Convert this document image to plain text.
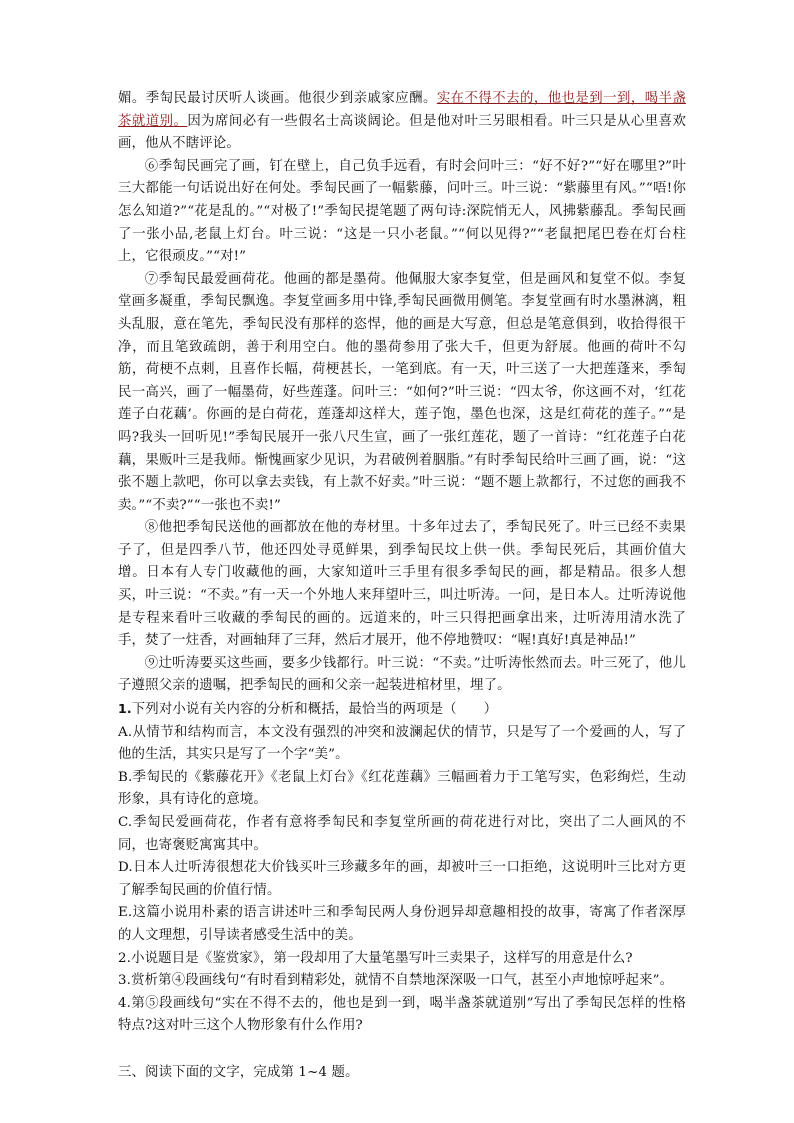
媚。季匋民最讨厌听人谈画。他很少到亲戚家应酬。实在不得不去的，他也是到一到，喝半盏茶就道别。因为席间必有一些假名士高谈阔论。但是他对叶三另眼相看。叶三只是从心里喜欢画，他从不瞎评论。

⑥季匋民画完了画，钉在壁上，自己负手远看，有时会问叶三：“好不好?”“好在哪里?”叶三大都能一句话说出好在何处。季匋民画了一幅紫藤，问叶三。叶三说：“紫藤里有风。”“唔!你怎么知道?”“花是乱的。”“对极了!”季匋民提笔题了两句诗:深院悄无人，风拂紫藤乱。季匋民画了一张小品,老鼠上灯台。叶三说：“这是一只小老鼠。”“何以见得?”“老鼠把尾巴卷在灯台柱上，它很顽皮。”“对!”

⑦季匋民最爱画荷花。他画的都是墨荷。他佩服大家李复堂，但是画风和复堂不似。李复堂画多凝重，季匋民飘逸。李复堂画多用中锋,季匋民画微用侧笔。李复堂画有时水墨淋漓，粗头乱服，意在笔先，季匋民没有那样的恣悍，他的画是大写意，但总是笔意俱到，收拾得很干净，而且笔致疏朗，善于利用空白。他的墨荷参用了张大千，但更为舒展。他画的荷叶不勾筋，荷梗不点刺，且喜作长幅，荷梗甚长，一笔到底。有一天，叶三送了一大把莲蓬来，季匋民一高兴，画了一幅墨荷，好些莲蓬。问叶三：“如何?”叶三说：“四太爷，你这画不对，‘红花莲子白花藕’。你画的是白荷花，莲蓬却这样大，莲子饱，墨色也深，这是红荷花的莲子。”“是吗?我头一回听见!”季匋民展开一张八尺生宣，画了一张红莲花，题了一首诗：“红花莲子白花藕，果贩叶三是我师。惭愧画家少见识，为君破例着胭脂。”有时季匋民给叶三画了画，说：“这张不题上款吧，你可以拿去卖钱，有上款不好卖。”叶三说：“题不题上款都行，不过您的画我不卖。”“不卖?”“一张也不卖!”

⑧他把季匋民送他的画都放在他的寿材里。十多年过去了，季匋民死了。叶三已经不卖果子了，但是四季八节，他还四处寻觅鲜果，到季匋民坟上供一供。季匋民死后，其画价值大增。日本有人专门收藏他的画，大家知道叶三手里有很多季匋民的画，都是精品。很多人想买，叶三说：“不卖。”有一天一个外地人来拜望叶三，叫辻听涛。一问，是日本人。辻听涛说他是专程来看叶三收藏的季匋民的画的。远道来的，叶三只得把画拿出来，辻听涛用清水洗了手，焚了一炷香，对画轴拜了三拜，然后才展开，他不停地赞叹：“喔!真好!真是神品!”

⑨辻听涛要买这些画，要多少钱都行。叶三说：“不卖。”辻听涛怅然而去。叶三死了，他儿子遵照父亲的遗嘱，把季匋民的画和父亲一起装进棺材里，埋了。

1.下列对小说有关内容的分析和概括，最恰当的两项是（　　）

A.从情节和结构而言，本文没有强烈的冲突和波澜起伏的情节，只是写了一个爱画的人，写了他的生活，其实只是写了一个字“美”。

B.季匋民的《紫藤花开》《老鼠上灯台》《红花莲藕》三幅画着力于工笔写实，色彩绚烂，生动形象，具有诗化的意境。

C.季匋民爱画荷花，作者有意将季匋民和李复堂所画的荷花进行对比，突出了二人画风的不同，也寄褒贬寓寓其中。

D.日本人辻听涛很想花大价钱买叶三珍藏多年的画，却被叶三一口拒绝，这说明叶三比对方更了解季匋民画的价值行情。

E.这篇小说用朴素的语言讲述叶三和季匋民两人身份迥异却意趣相投的故事，寄寓了作者深厚的人文理想，引导读者感受生活中的美。

2.小说题目是《鉴赏家》，第一段却用了大量笔墨写叶三卖果子，这样写的用意是什么?

3.赏析第④段画线句“有时看到精彩处，就情不自禁地深深吸一口气，甚至小声地惊呼起来”。

4.第⑤段画线句“实在不得不去的，他也是到一到，喝半盏茶就道别”写出了季匋民怎样的性格特点?这对叶三这个人物形象有什么作用?

三、阅读下面的文字，完成第 1~4 题。
